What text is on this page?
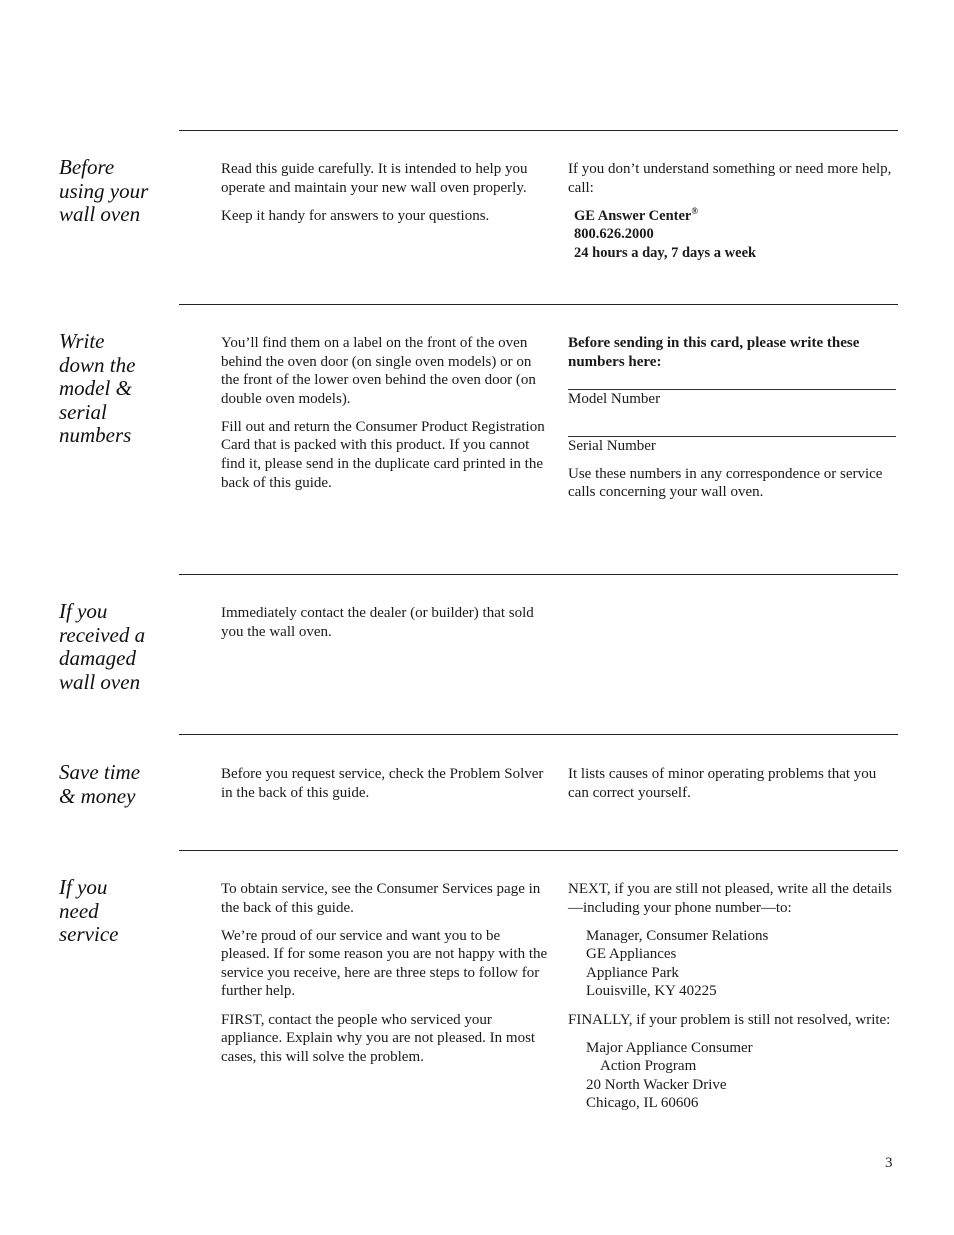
Before
using your
wall oven

Read this guide carefully. It is intended to help you operate and maintain your new wall oven properly.

Keep it handy for answers to your questions.

If you don’t understand something or need more help, call:

GE Answer Center®
800.626.2000
24 hours a day, 7 days a week
Write
down the
model &
serial
numbers

You’ll find them on a label on the front of the oven behind the oven door (on single oven models) or on the front of the lower oven behind the oven door (on double oven models).

Fill out and return the Consumer Product Registration Card that is packed with this product. If you cannot find it, please send in the duplicate card printed in the back of this guide.

Before sending in this card, please write these numbers here:

Model Number

Serial Number

Use these numbers in any correspondence or service calls concerning your wall oven.

If you
received a
damaged
wall oven

Immediately contact the dealer (or builder) that sold you the wall oven.

Save time
& money

Before you request service, check the Problem Solver in the back of this guide.

It lists causes of minor operating problems that you can correct yourself.

If you
need
service

To obtain service, see the Consumer Services page in the back of this guide.

We’re proud of our service and want you to be pleased. If for some reason you are not happy with the service you receive, here are three steps to follow for further help.

FIRST, contact the people who serviced your appliance. Explain why you are not pleased. In most cases, this will solve the problem.

NEXT, if you are still not pleased, write all the details—including your phone number—to:

Manager, Consumer Relations
GE Appliances
Appliance Park
Louisville, KY 40225

FINALLY, if your problem is still not resolved, write:

Major Appliance Consumer
Action Program
20 North Wacker Drive
Chicago, IL 60606
3
